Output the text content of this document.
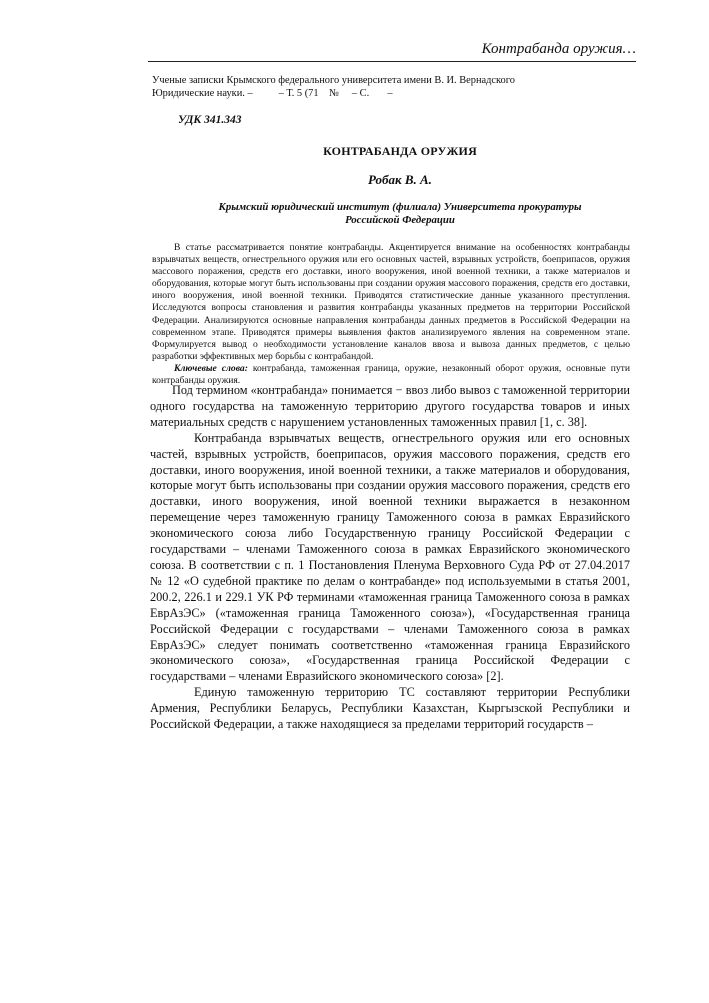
Контрабанда оружия…
Ученые записки Крымского федерального университета имени В. И. Вернадского
Юридические науки. –          – Т. 5 (71    №     – С.       –
УДК 341.343
КОНТРАБАНДА ОРУЖИЯ
Робак В. А.
Крымский юридический институт (филиала) Университета прокуратуры Российской Федерации

В статье рассматривается понятие контрабанды. Акцентируется внимание на особенностях контрабанды взрывчатых веществ, огнестрельного оружия или его основных частей, взрывных устройств, боеприпасов, оружия массового поражения, средств его доставки, иного вооружения, иной военной техники, а также материалов и оборудования, которые могут быть использованы при создании оружия массового поражения, средств его доставки, иного вооружения, иной военной техники. Приводятся статистические данные указанного преступления. Исследуются вопросы становления и развития контрабанды указанных предметов на территории Российской Федерации. Анализируются основные направления контрабанды данных предметов в Российской Федерации на современном этапе. Приводятся примеры выявления фактов анализируемого явления на современном этапе. Формулируется вывод о необходимости установление каналов ввоза и вывоза данных предметов, с целью разработки эффективных мер борьбы с контрабандой.

Ключевые слова: контрабанда, таможенная граница, оружие, незаконный оборот оружия, основные пути контрабанды оружия.

Под термином «контрабанда» понимается − ввоз либо вывоз с таможенной территории одного государства на таможенную территорию другого государства товаров и иных материальных средств с нарушением установленных таможенных правил [1, с. 38].

Контрабанда взрывчатых веществ, огнестрельного оружия или его основных частей, взрывных устройств, боеприпасов, оружия массового поражения, средств его доставки, иного вооружения, иной военной техники, а также материалов и оборудования, которые могут быть использованы при создании оружия массового поражения, средств его доставки, иного вооружения, иной военной техники выражается в незаконном перемещение через таможенную границу Таможенного союза в рамках Евразийского экономического союза либо Государственную границу Российской Федерации с государствами – членами Таможенного союза в рамках Евразийского экономического союза. В соответствии с п. 1 Постановления Пленума Верховного Суда РФ от 27.04.2017 № 12 «О судебной практике по делам о контрабанде» под используемыми в статья 2001, 200.2, 226.1 и 229.1 УК РФ терминами «таможенная граница Таможенного союза в рамках ЕврАзЭС» («таможенная граница Таможенного союза»), «Государственная граница Российской Федерации с государствами – членами Таможенного союза в рамках ЕврАзЭС» следует понимать соответственно «таможенная граница Евразийского экономического союза», «Государственная граница Российской Федерации с государствами – членами Евразийского экономического союза» [2].

Единую таможенную территорию ТС составляют территории Республики Армения, Республики Беларусь, Республики Казахстан, Кыргызской Республики и Российской Федерации, а также находящиеся за пределами территорий государств –
